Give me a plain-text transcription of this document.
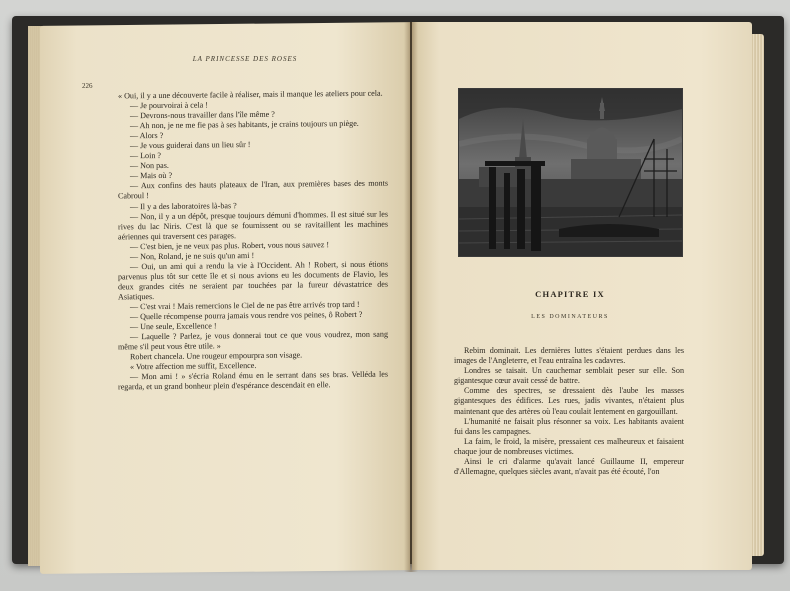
LA PRINCESSE DES ROSES
226

« Oui, il y a une découverte facile à réaliser, mais il manque les ateliers pour cela.

— Je pourvoirai à cela !

— Devrons-nous travailler dans l'île même ?

— Ah non, je ne me fie pas à ses habitants, je crains toujours un piège.

— Alors ?

— Je vous guiderai dans un lieu sûr !

— Loin ?

— Non pas.

— Mais où ?

— Aux confins des hauts plateaux de l'Iran, aux premières bases des monts Cabroul !

— Il y a des laboratoires là-bas ?

— Non, il y a un dépôt, presque toujours démuni d'hommes. Il est situé sur les rives du lac Niris. C'est là que se fournissent ou se ravitaillent les machines aériennes qui traversent ces parages.

— C'est bien, je ne veux pas plus. Robert, vous nous sauvez !

— Non, Roland, je ne suis qu'un ami !

— Oui, un ami qui a rendu la vie à l'Occident. Ah ! Robert, si nous étions parvenus plus tôt sur cette île et si nous avions eu les documents de Flavio, les deux grandes cités ne seraient par touchées par la fureur dévastatrice des Asiatiques.

— C'est vrai ! Mais remercions le Ciel de ne pas être arrivés trop tard !

— Quelle récompense pourra jamais vous rendre vos peines, ô Robert ?

— Une seule, Excellence !

— Laquelle ? Parlez, je vous donnerai tout ce que vous voudrez, mon sang même s'il peut vous être utile. »

Robert chancela. Une rougeur empourpra son visage.

« Votre affection me suffit, Excellence.

— Mon ami ! » s'écria Roland ému en le serrant dans ses bras. Velléda les regarda, et un grand bonheur plein d'espérance descendait en elle.

CHAPITRE IX
LES DOMINATEURS

Rebim dominait. Les dernières luttes s'étaient perdues dans les images de l'Angleterre, et l'eau entraîna les cadavres.

Londres se taisait. Un cauchemar semblait peser sur elle. Son gigantesque cœur avait cessé de battre.

Comme des spectres, se dressaient dès l'aube les masses gigantesques des édifices. Les rues, jadis vivantes, n'étaient plus maintenant que des artères où l'eau coulait lentement en gargouillant.

L'humanité ne faisait plus résonner sa voix. Les habitants avaient fui dans les campagnes.

La faim, le froid, la misère, pressaient ces malheureux et faisaient chaque jour de nombreuses victimes.

Ainsi le cri d'alarme qu'avait lancé Guillaume II, empereur d'Allemagne, quelques siècles avant, n'avait pas été écouté, l'on
